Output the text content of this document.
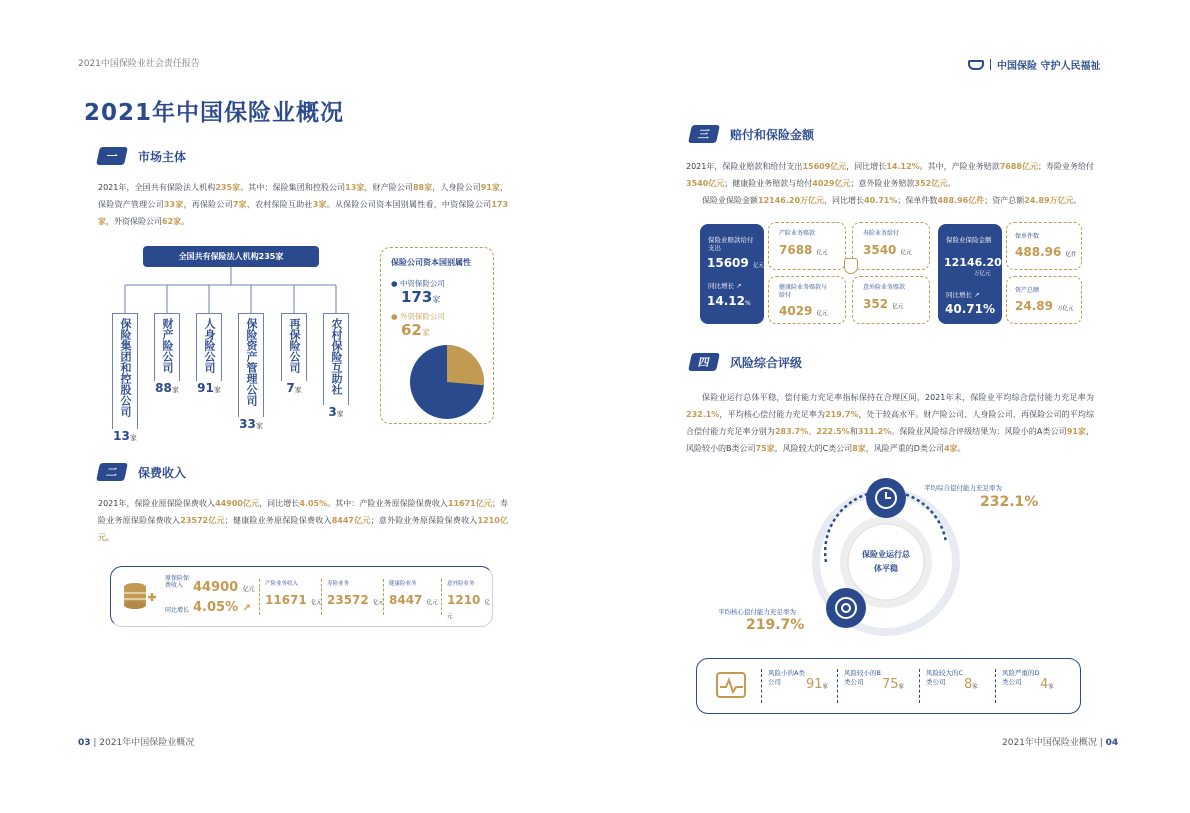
2021中国保险业社会责任报告	中国保险 守护人民福祉
2021年中国保险业概况
一	市场主体

2021年，全国共有保险法人机构235家。其中：保险集团和控股公司13家，财产险公司88家，人身险公司91家，保险资产管理公司33家，再保险公司7家，农村保险互助社3家。从保险公司资本国别属性看，中资保险公司173家，外资保险公司62家。

全国共有保险法人机构235家
保险集团和控股公司
13家
财产险公司
88家
人身险公司
91家 保险资产管理公司
33家
再保险公司
7家	农村保险互助社
3家
保险公司资本国别属性
● 中资保险公司
173家
● 外资保险公司
62家
二	保费收入

2021年，保险业原保险保费收入44900亿元，同比增长4.05%。其中：产险业务原保险保费收入11671亿元；寿险业务原保险保费收入23572亿元；健康险业务原保险保费收入8447亿元；意外险业务原保险保费收入1210亿元。

原保险保费收入 44900 亿元
同比增长 4.05% ↗
产险业务收入
11671 亿元
寿险业务
23572 亿元
健康险业务
8447 亿元
意外险业务
1210 亿元
三	赔付和保险金额

2021年，保险业赔款和给付支出15609亿元，同比增长14.12%。其中，产险业务赔款7688亿元；寿险业务给付3540亿元；健康险业务赔款与给付4029亿元；意外险业务赔款352亿元。

保险业保险金额12146.20万亿元，同比增长40.71%；保单件数488.96亿件；资产总额24.89万亿元。

保险业赔款给付支出
15609 亿元
同比增长 ↗
14.12%
意外险业务赔款
352 亿元
健康险业务赔款与给付
4029 亿元
寿险业务给付
3540 亿元
产险业务赔款
7688 亿元
保险业保险金额
12146.20
万亿元
同比增长 ↗
40.71%
保单件数
488.96 亿件
资产总额
24.89 万亿元
四	风险综合评级

保险业运行总体平稳，偿付能力充足率指标保持在合理区间。2021年末，保险业平均综合偿付能力充足率为232.1%，平均核心偿付能力充足率为219.7%，处于较高水平。财产险公司、人身险公司、再保险公司的平均综合偿付能力充足率分别为283.7%、222.5%和311.2%。保险业风险综合评级结果为：风险小的A类公司91家，风险较小的B类公司75家，风险较大的C类公司8家，风险严重的D类公司4家。

保险业运行总体平稳
平均综合偿付能力充足率为
232.1%
平均核心偿付能力充足率为
219.7%
风险小的A类公司	91家
风险较小的B类公司	75家
风险较大的C类公司	8家
风险严重的D类公司	4家
03 | 2021年中国保险业概况	2021年中国保险业概况 | 04
